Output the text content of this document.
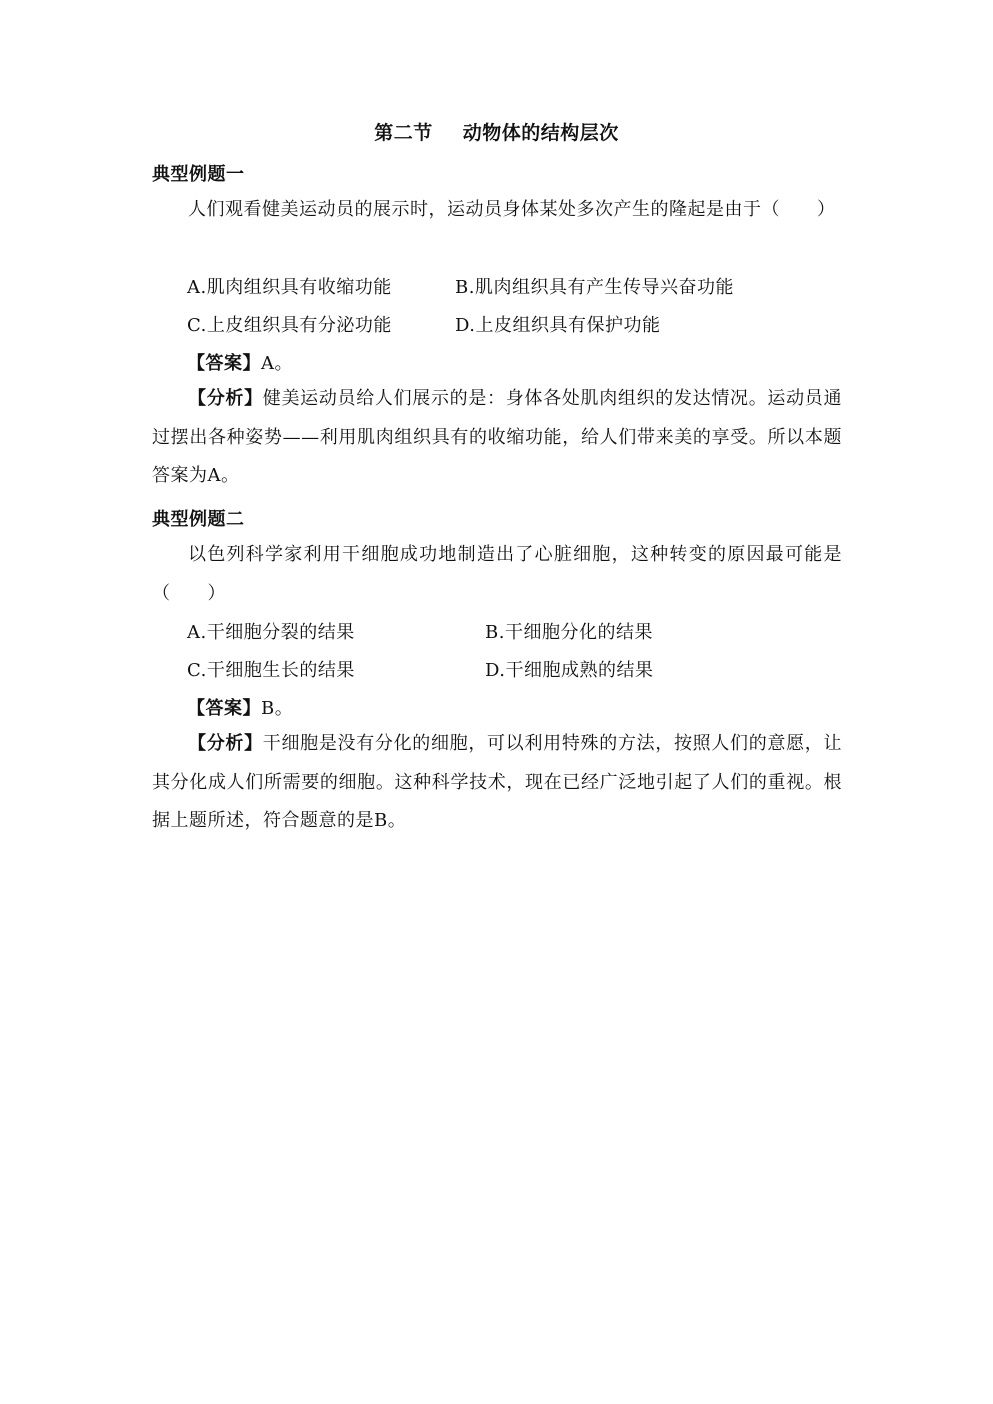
第二节 动物体的结构层次
典型例题一
人们观看健美运动员的展示时，运动员身体某处多次产生的隆起是由于（　　）
A.肌肉组织具有收缩功能	B.肌肉组织具有产生传导兴奋功能
C.上皮组织具有分泌功能	D.上皮组织具有保护功能
【答案】A。
【分析】健美运动员给人们展示的是：身体各处肌肉组织的发达情况。运动员通过摆出各种姿势——利用肌肉组织具有的收缩功能，给人们带来美的享受。所以本题答案为A。
典型例题二
以色列科学家利用干细胞成功地制造出了心脏细胞，这种转变的原因最可能是（　　）
A.干细胞分裂的结果	B.干细胞分化的结果
C.干细胞生长的结果	D.干细胞成熟的结果
【答案】B。
【分析】干细胞是没有分化的细胞，可以利用特殊的方法，按照人们的意愿，让其分化成人们所需要的细胞。这种科学技术，现在已经广泛地引起了人们的重视。根据上题所述，符合题意的是B。
